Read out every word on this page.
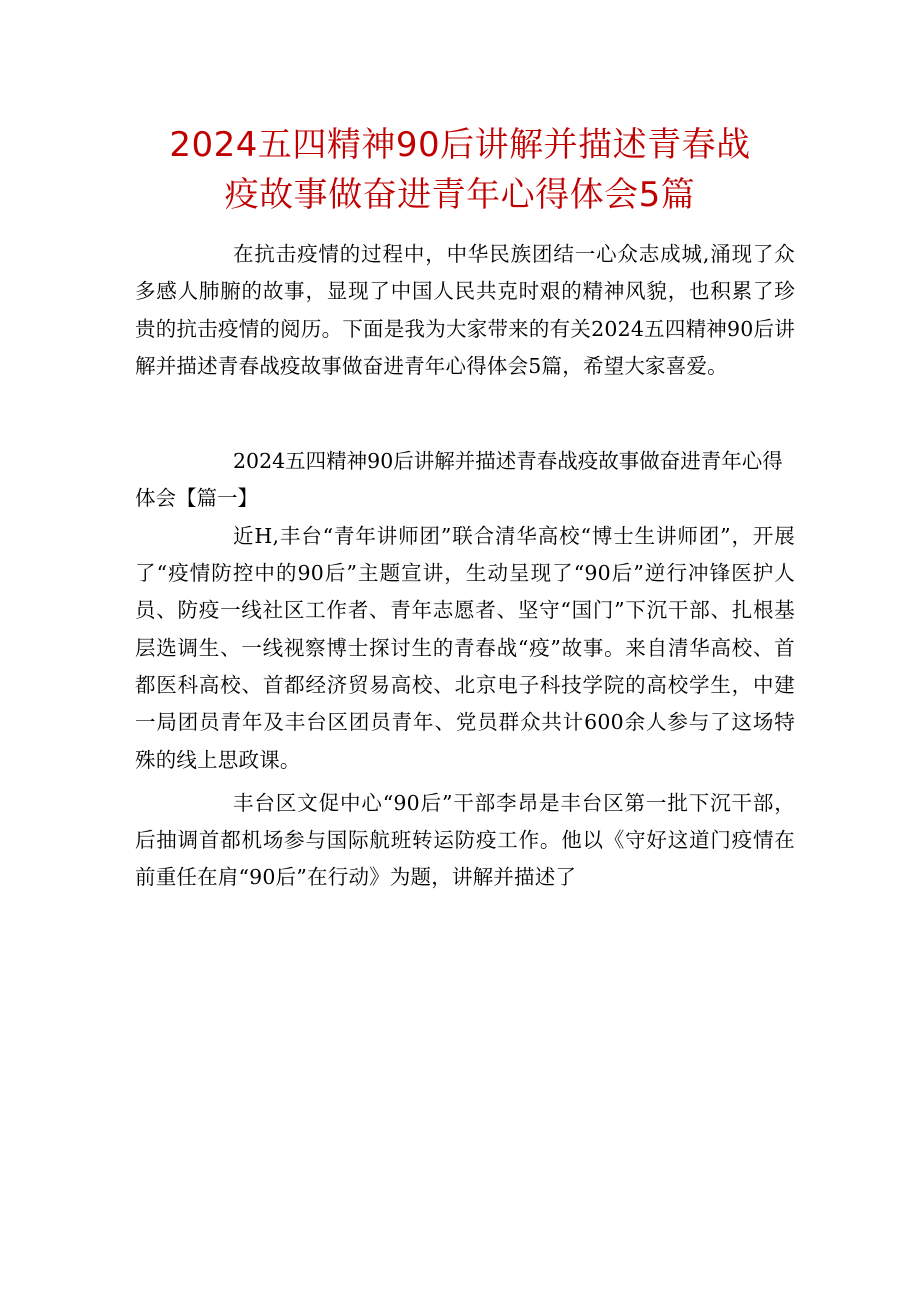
2024五四精神90后讲解并描述青春战
疫故事做奋进青年心得体会5篇

在抗击疫情的过程中，中华民族团结一心众志成城,涌现了众多感人肺腑的故事，显现了中国人民共克时艰的精神风貌，也积累了珍贵的抗击疫情的阅历。下面是我为大家带来的有关2024五四精神90后讲解并描述青春战疫故事做奋进青年心得体会5篇，希望大家喜爱。

2024五四精神90后讲解并描述青春战疫故事做奋进青年心得体会【篇一】

近H,丰台“青年讲师团”联合清华高校“博士生讲师团”，开展了“疫情防控中的90后”主题宣讲，生动呈现了“90后”逆行冲锋医护人员、防疫一线社区工作者、青年志愿者、坚守“国门”下沉干部、扎根基层选调生、一线视察博士探讨生的青春战“疫”故事。来自清华高校、首都医科高校、首都经济贸易高校、北京电子科技学院的高校学生，中建一局团员青年及丰台区团员青年、党员群众共计600余人参与了这场特殊的线上思政课。

丰台区文促中心“90后”干部李昂是丰台区第一批下沉干部，后抽调首都机场参与国际航班转运防疫工作。他以《守好这道门疫情在前重任在肩“90后”在行动》为题，讲解并描述了
